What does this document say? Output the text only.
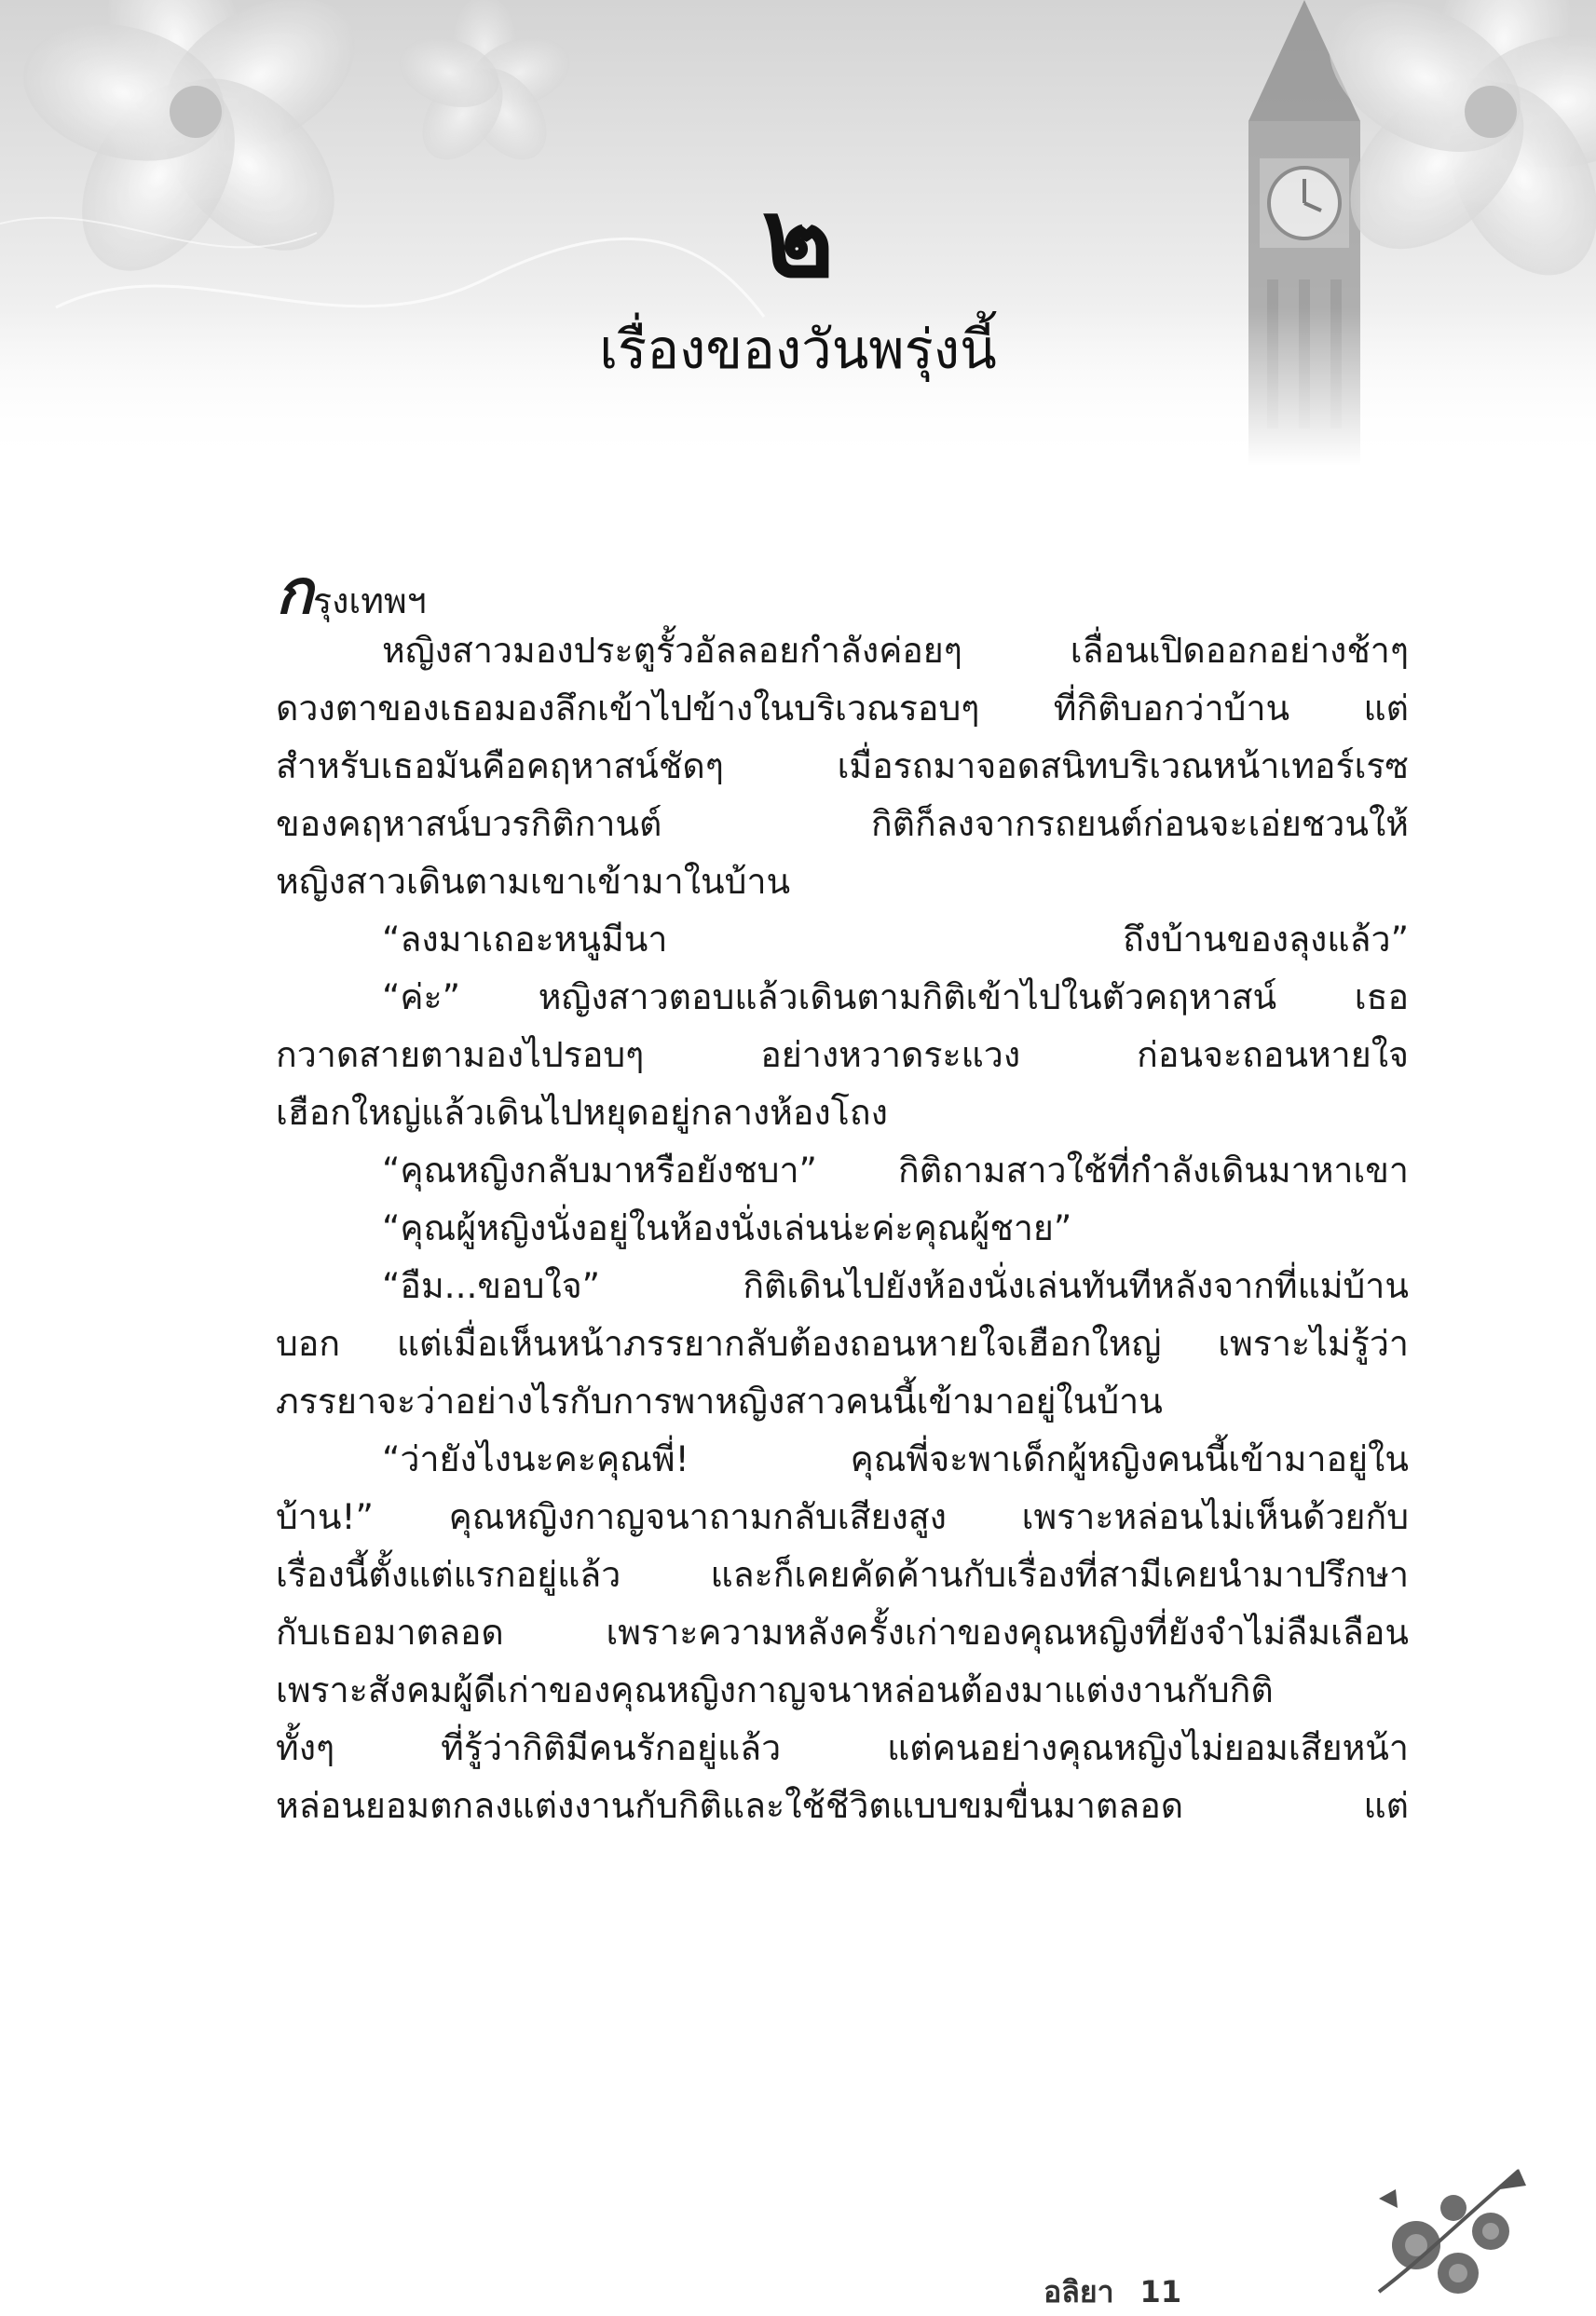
๒
เรื่องของวันพรุ่งนี้
กรุงเทพฯ
หญิงสาวมองประตูรั้วอัลลอยกำลังค่อยๆ	เลื่อนเปิดออกอย่างช้าๆ
ดวงตาของเธอมองลึกเข้าไปข้างในบริเวณรอบๆ ที่กิติบอกว่าบ้าน แต่
สำหรับเธอมันคือคฤหาสน์ชัดๆ	เมื่อรถมาจอดสนิทบริเวณหน้าเทอร์เรซ
ของคฤหาสน์บวรกิติกานต์	กิติก็ลงจากรถยนต์ก่อนจะเอ่ยชวนให้
หญิงสาวเดินตามเขาเข้ามาในบ้าน
“ลงมาเถอะหนูมีนา	ถึงบ้านของลุงแล้ว”
“ค่ะ” หญิงสาวตอบแล้วเดินตามกิติเข้าไปในตัวคฤหาสน์ เธอ
กวาดสายตามองไปรอบๆ	อย่างหวาดระแวง	ก่อนจะถอนหายใจ
เฮือกใหญ่แล้วเดินไปหยุดอยู่กลางห้องโถง
“คุณหญิงกลับมาหรือยังชบา” กิติถามสาวใช้ที่กำลังเดินมาหาเขา
“คุณผู้หญิงนั่งอยู่ในห้องนั่งเล่นน่ะค่ะคุณผู้ชาย”
“อืม...ขอบใจ”	กิติเดินไปยังห้องนั่งเล่นทันทีหลังจากที่แม่บ้าน
บอก แต่เมื่อเห็นหน้าภรรยากลับต้องถอนหายใจเฮือกใหญ่ เพราะไม่รู้ว่า
ภรรยาจะว่าอย่างไรกับการพาหญิงสาวคนนี้เข้ามาอยู่ในบ้าน
“ว่ายังไงนะคะคุณพี่!	คุณพี่จะพาเด็กผู้หญิงคนนี้เข้ามาอยู่ใน
บ้าน!” คุณหญิงกาญจนาถามกลับเสียงสูง เพราะหล่อนไม่เห็นด้วยกับ
เรื่องนี้ตั้งแต่แรกอยู่แล้ว	และก็เคยคัดค้านกับเรื่องที่สามีเคยนำมาปรึกษา
กับเธอมาตลอด	เพราะความหลังครั้งเก่าของคุณหญิงที่ยังจำไม่ลืมเลือน
เพราะสังคมผู้ดีเก่าของคุณหญิงกาญจนาหล่อนต้องมาแต่งงานกับกิติ
ทั้งๆ	ที่รู้ว่ากิติมีคนรักอยู่แล้ว	แต่คนอย่างคุณหญิงไม่ยอมเสียหน้า
หล่อนยอมตกลงแต่งงานกับกิติและใช้ชีวิตแบบขมขื่นมาตลอด	แต่
อลิยา 11
